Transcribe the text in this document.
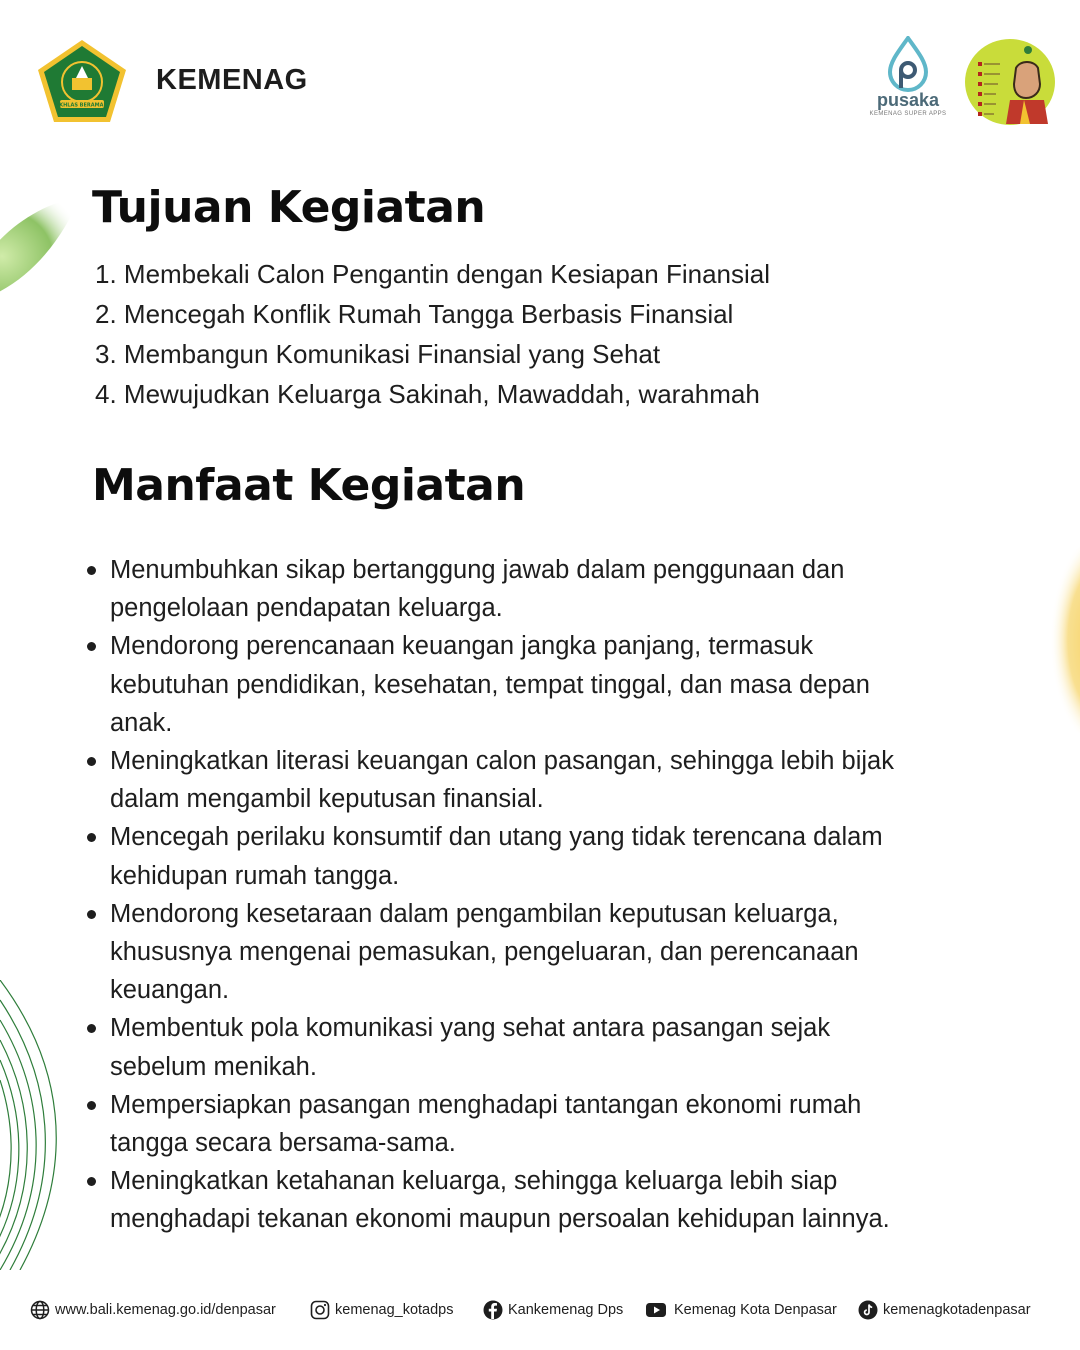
IKHLAS BERAMAL
KEMENAG
pusaka
KEMENAG SUPER APPS
Tujuan Kegiatan
1. Membekali Calon Pengantin dengan Kesiapan Finansial
2. Mencegah Konflik Rumah Tangga Berbasis Finansial
3. Membangun Komunikasi Finansial yang Sehat
4. Mewujudkan Keluarga Sakinah, Mawaddah, warahmah
Manfaat Kegiatan
Menumbuhkan sikap bertanggung jawab dalam penggunaan dan pengelolaan pendapatan keluarga.
Mendorong perencanaan keuangan jangka panjang, termasuk kebutuhan pendidikan, kesehatan, tempat tinggal, dan masa depan anak.
Meningkatkan literasi keuangan calon pasangan, sehingga lebih bijak dalam mengambil keputusan finansial.
Mencegah perilaku konsumtif dan utang yang tidak terencana dalam kehidupan rumah tangga.
Mendorong kesetaraan dalam pengambilan keputusan keluarga, khususnya mengenai pemasukan, pengeluaran, dan perencanaan keuangan.
Membentuk pola komunikasi yang sehat antara pasangan sejak sebelum menikah.
Mempersiapkan pasangan menghadapi tantangan ekonomi rumah tangga secara bersama-sama.
Meningkatkan ketahanan keluarga, sehingga keluarga lebih siap menghadapi tekanan ekonomi maupun persoalan kehidupan lainnya.
www.bali.kemenag.go.id/denpasar	kemenag_kotadps	Kankemenag Dps	Kemenag Kota Denpasar	kemenagkotadenpasar
